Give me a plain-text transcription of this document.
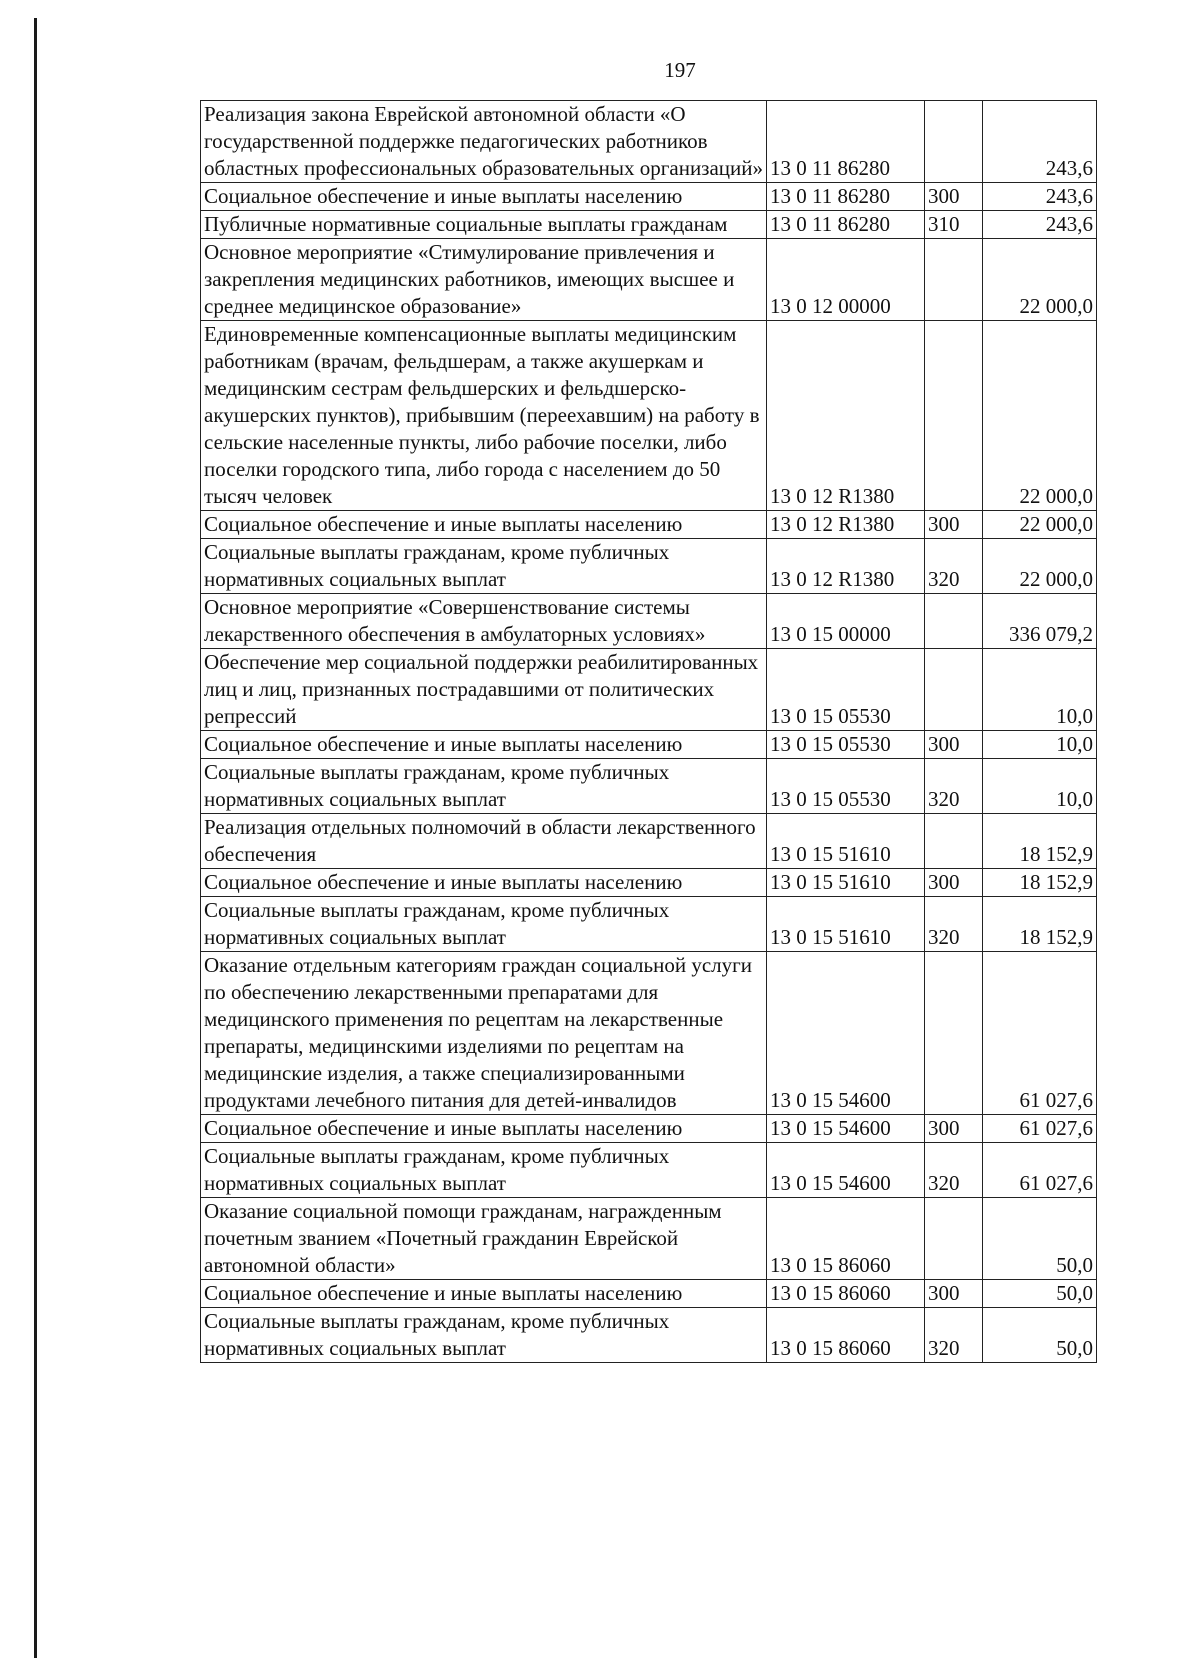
197
Реализация закона Еврейской автономной области «О государственной поддержке педагогических работников областных профессиональных образовательных организаций»	13 0 11 86280		243,6
Социальное обеспечение и иные выплаты населению	13 0 11 86280	300	243,6
Публичные нормативные социальные выплаты гражданам	13 0 11 86280	310	243,6
Основное мероприятие «Стимулирование привлечения и закрепления медицинских работников, имеющих высшее и среднее медицинское образование»	13 0 12 00000		22 000,0
Единовременные компенсационные выплаты медицинским работникам (врачам, фельдшерам, а также акушеркам и медицинским сестрам фельдшерских и фельдшерско-акушерских пунктов), прибывшим (переехавшим) на работу в сельские населенные пункты, либо рабочие поселки, либо поселки городского типа, либо города с населением до 50 тысяч человек	13 0 12 R1380		22 000,0
Социальное обеспечение и иные выплаты населению	13 0 12 R1380	300	22 000,0
Социальные выплаты гражданам, кроме публичных нормативных социальных выплат	13 0 12 R1380	320	22 000,0
Основное мероприятие «Совершенствование системы лекарственного обеспечения в амбулаторных условиях»	13 0 15 00000		336 079,2
Обеспечение мер социальной поддержки реабилитированных лиц и лиц, признанных пострадавшими от политических репрессий	13 0 15 05530		10,0
Социальное обеспечение и иные выплаты населению	13 0 15 05530	300	10,0
Социальные выплаты гражданам, кроме публичных нормативных социальных выплат	13 0 15 05530	320	10,0
Реализация отдельных полномочий в области лекарственного обеспечения	13 0 15 51610		18 152,9
Социальное обеспечение и иные выплаты населению	13 0 15 51610	300	18 152,9
Социальные выплаты гражданам, кроме публичных нормативных социальных выплат	13 0 15 51610	320	18 152,9
Оказание отдельным категориям граждан социальной услуги по обеспечению лекарственными препаратами для медицинского применения по рецептам на лекарственные препараты, медицинскими изделиями по рецептам на медицинские изделия, а также специализированными продуктами лечебного питания для детей-инвалидов	13 0 15 54600		61 027,6
Социальное обеспечение и иные выплаты населению	13 0 15 54600	300	61 027,6
Социальные выплаты гражданам, кроме публичных нормативных социальных выплат	13 0 15 54600	320	61 027,6
Оказание социальной помощи гражданам, награжденным почетным званием «Почетный гражданин Еврейской автономной области»	13 0 15 86060		50,0
Социальное обеспечение и иные выплаты населению	13 0 15 86060	300	50,0
Социальные выплаты гражданам, кроме публичных нормативных социальных выплат	13 0 15 86060	320	50,0
